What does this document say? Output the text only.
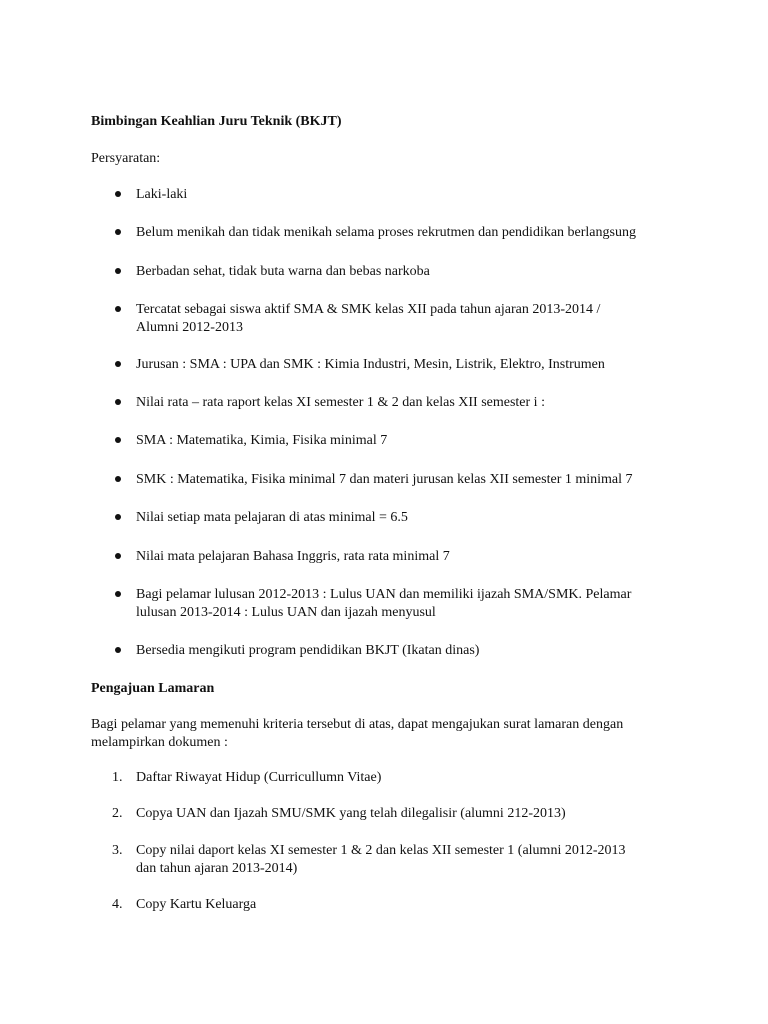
Bimbingan Keahlian Juru Teknik (BKJT)
Persyaratan:
Laki-laki
Belum menikah dan tidak menikah selama proses rekrutmen dan pendidikan berlangsung
Berbadan sehat, tidak buta warna dan bebas narkoba
Tercatat sebagai siswa aktif SMA & SMK kelas XII pada tahun ajaran 2013-2014 /
Alumni 2012-2013
Jurusan : SMA : UPA dan SMK : Kimia Industri, Mesin, Listrik, Elektro, Instrumen
Nilai rata – rata raport kelas XI semester 1 & 2 dan kelas XII semester i :
SMA : Matematika, Kimia, Fisika minimal 7
SMK : Matematika, Fisika minimal 7 dan materi jurusan kelas XII semester 1 minimal 7
Nilai setiap mata pelajaran di atas minimal = 6.5
Nilai mata pelajaran Bahasa Inggris, rata rata minimal 7
Bagi pelamar lulusan 2012-2013 : Lulus UAN dan memiliki ijazah SMA/SMK. Pelamar
lulusan 2013-2014 : Lulus UAN dan ijazah menyusul
Bersedia mengikuti program pendidikan BKJT (Ikatan dinas)
Pengajuan Lamaran
Bagi pelamar yang memenuhi kriteria tersebut di atas, dapat mengajukan surat lamaran dengan
melampirkan dokumen :
1. Daftar Riwayat Hidup (Curricullumn Vitae)
2. Copya UAN dan Ijazah SMU/SMK yang telah dilegalisir (alumni 212-2013)
3. Copy nilai daport kelas XI semester 1 & 2 dan kelas XII semester 1 (alumni 2012-2013
dan tahun ajaran 2013-2014)
4. Copy Kartu Keluarga
